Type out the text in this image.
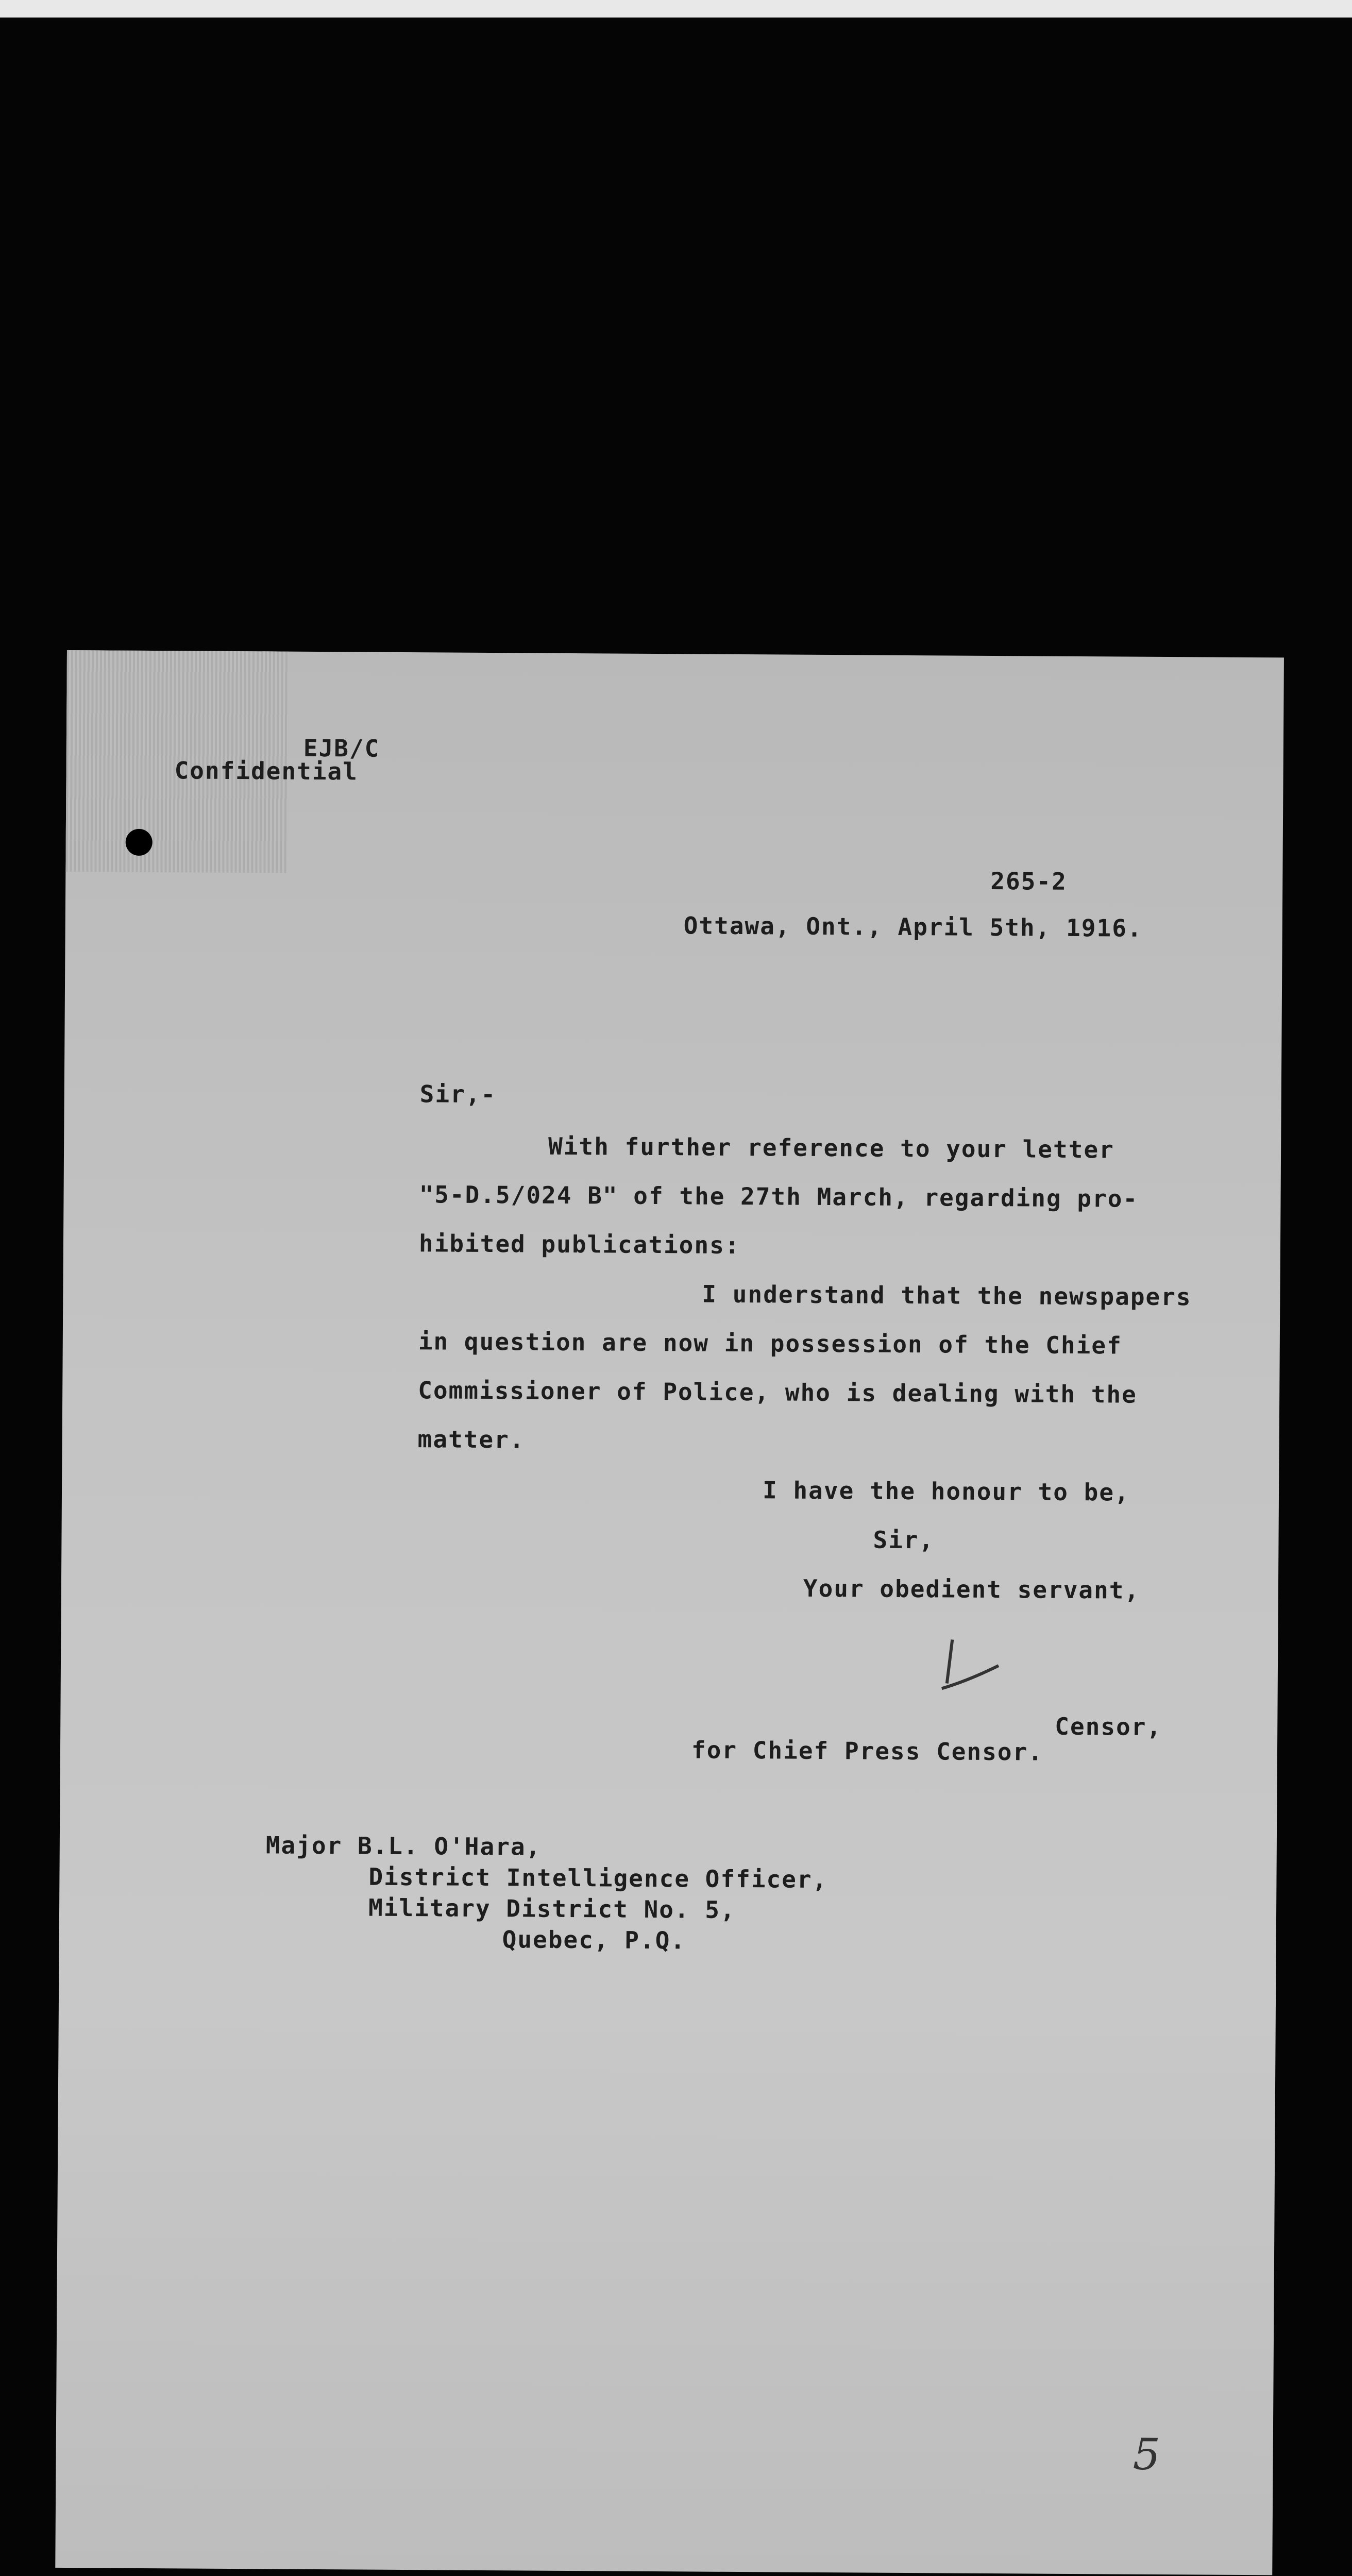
EJB/C
Confidential
265-2
Ottawa, Ont., April 5th, 1916.
Sir,-
With further reference to your letter
"5-D.5/024 B" of the 27th March, regarding pro-
hibited publications:
I understand that the newspapers
in question are now in possession of the Chief
Commissioner of Police, who is dealing with the
matter.
I have the honour to be,
Sir,
Your obedient servant,
Censor,
for Chief Press Censor.
Major B.L. O'Hara,
District Intelligence Officer,
Military District No. 5,
Quebec, P.Q.
5
